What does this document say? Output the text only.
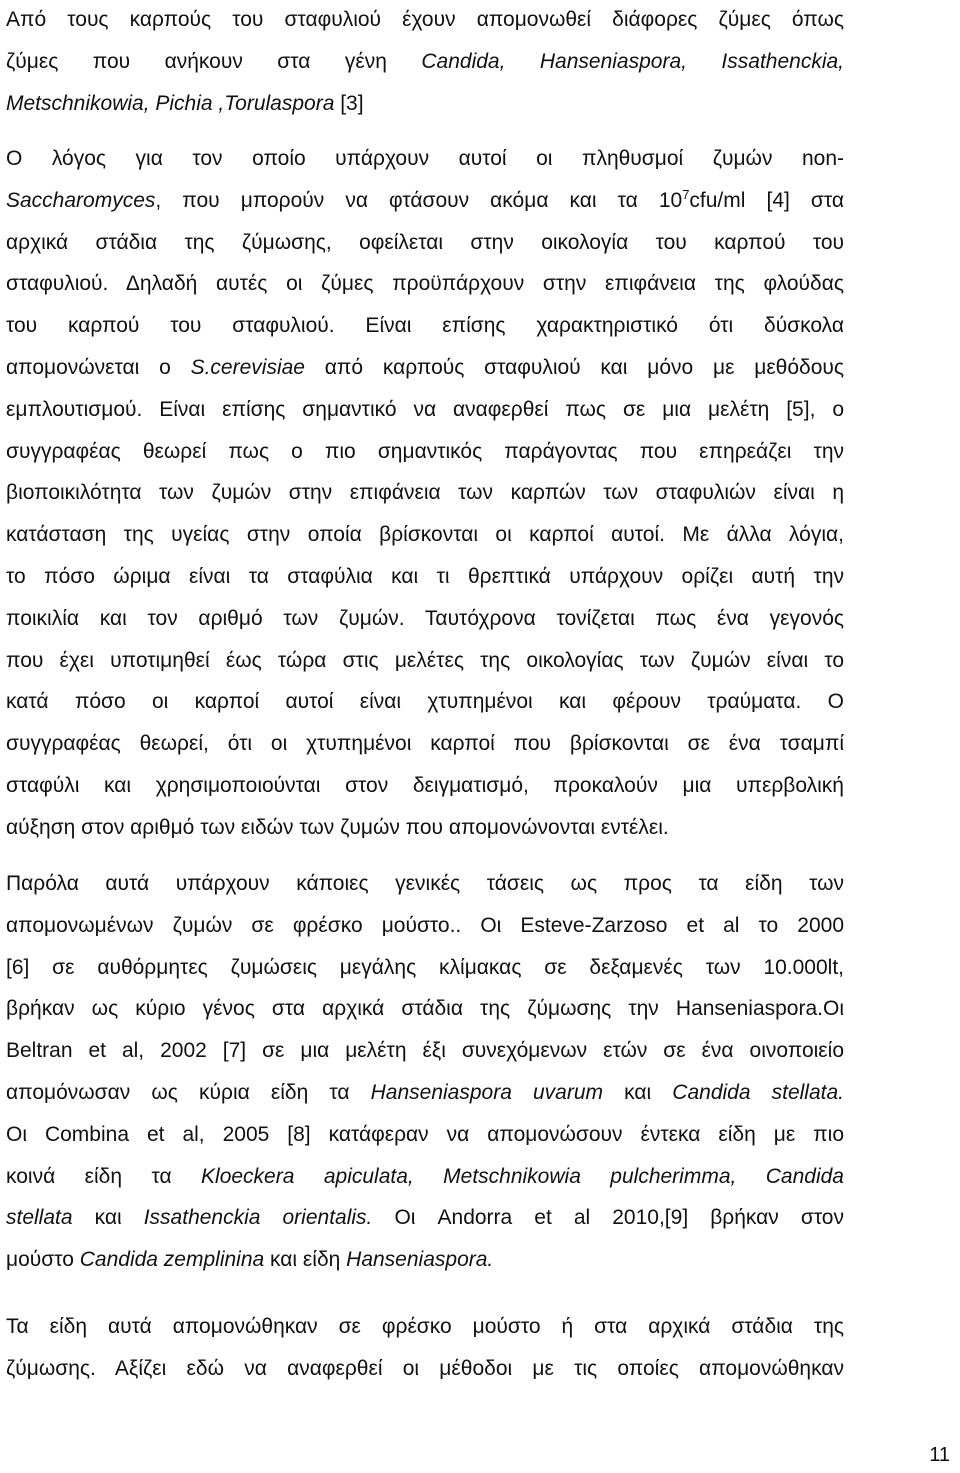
11
Από τους καρπούς του σταφυλιού έχουν απομονωθεί διάφορες ζύμες όπως
ζύμες που ανήκουν στα γένη Candida, Hanseniaspora, Issathenckia,
Metschnikowia, Pichia ,Torulaspora [3]
Ο λόγος για τον οποίο υπάρχουν αυτοί οι πληθυσμοί ζυμών non-
Saccharomyces, που μπορούν να φτάσουν ακόμα και τα $10^7cfu/ml$ [4] στα
αρχικά στάδια της ζύμωσης, οφείλεται στην οικολογία του καρπού του
σταφυλιού. Δηλαδή αυτές οι ζύμες προϋπάρχουν στην επιφάνεια της φλούδας
του καρπού του σταφυλιού. Είναι επίσης χαρακτηριστικό ότι δύσκολα
απομονώνεται ο S.cerevisiae από καρπούς σταφυλιού και μόνο με μεθόδους
εμπλουτισμού. Είναι επίσης σημαντικό να αναφερθεί πως σε μια μελέτη [5], ο
συγγραφέας θεωρεί πως ο πιο σημαντικός παράγοντας που επηρεάζει την
βιοποικιλότητα των ζυμών στην επιφάνεια των καρπών των σταφυλιών είναι η
κατάσταση της υγείας στην οποία βρίσκονται οι καρποί αυτοί. Με άλλα λόγια,
το πόσο ώριμα είναι τα σταφύλια και τι θρεπτικά υπάρχουν ορίζει αυτή την
ποικιλία και τον αριθμό των ζυμών. Ταυτόχρονα τονίζεται πως ένα γεγονός
που έχει υποτιμηθεί έως τώρα στις μελέτες της οικολογίας των ζυμών είναι το
κατά πόσο οι καρποί αυτοί είναι χτυπημένοι και φέρουν τραύματα. Ο
συγγραφέας θεωρεί, ότι οι χτυπημένοι καρποί που βρίσκονται σε ένα τσαμπί
σταφύλι και χρησιμοποιούνται στον δειγματισμό, προκαλούν μια υπερβολική
αύξηση στον αριθμό των ειδών των ζυμών που απομονώνονται εντέλει.
Παρόλα αυτά υπάρχουν κάποιες γενικές τάσεις ως προς τα είδη των
απομονωμένων ζυμών σε φρέσκο μούστο.. Οι Esteve-Zarzoso et al το 2000
[6] σε αυθόρμητες ζυμώσεις μεγάλης κλίμακας σε δεξαμενές των 10.000lt,
βρήκαν ως κύριο γένος στα αρχικά στάδια της ζύμωσης την Hanseniaspora.Οι
Beltran et al, 2002 [7] σε μια μελέτη έξι συνεχόμενων ετών σε ένα οινοποιείο
απομόνωσαν ως κύρια είδη τα Hanseniaspora uvarum και Candida stellata.
Οι Combina et al, 2005 [8] κατάφεραν να απομονώσουν έντεκα είδη με πιο
κοινά είδη τα Kloeckera apiculata, Metschnikowia pulcherimma, Candida
stellata και Issathenckia orientalis. Οι Andorra et al 2010,[9] βρήκαν στον
μούστο Candida zemplinina και είδη Hanseniaspora.
Τα είδη αυτά απομονώθηκαν σε φρέσκο μούστο ή στα αρχικά στάδια της
ζύμωσης. Αξίζει εδώ να αναφερθεί οι μέθοδοι με τις οποίες απομονώθηκαν
